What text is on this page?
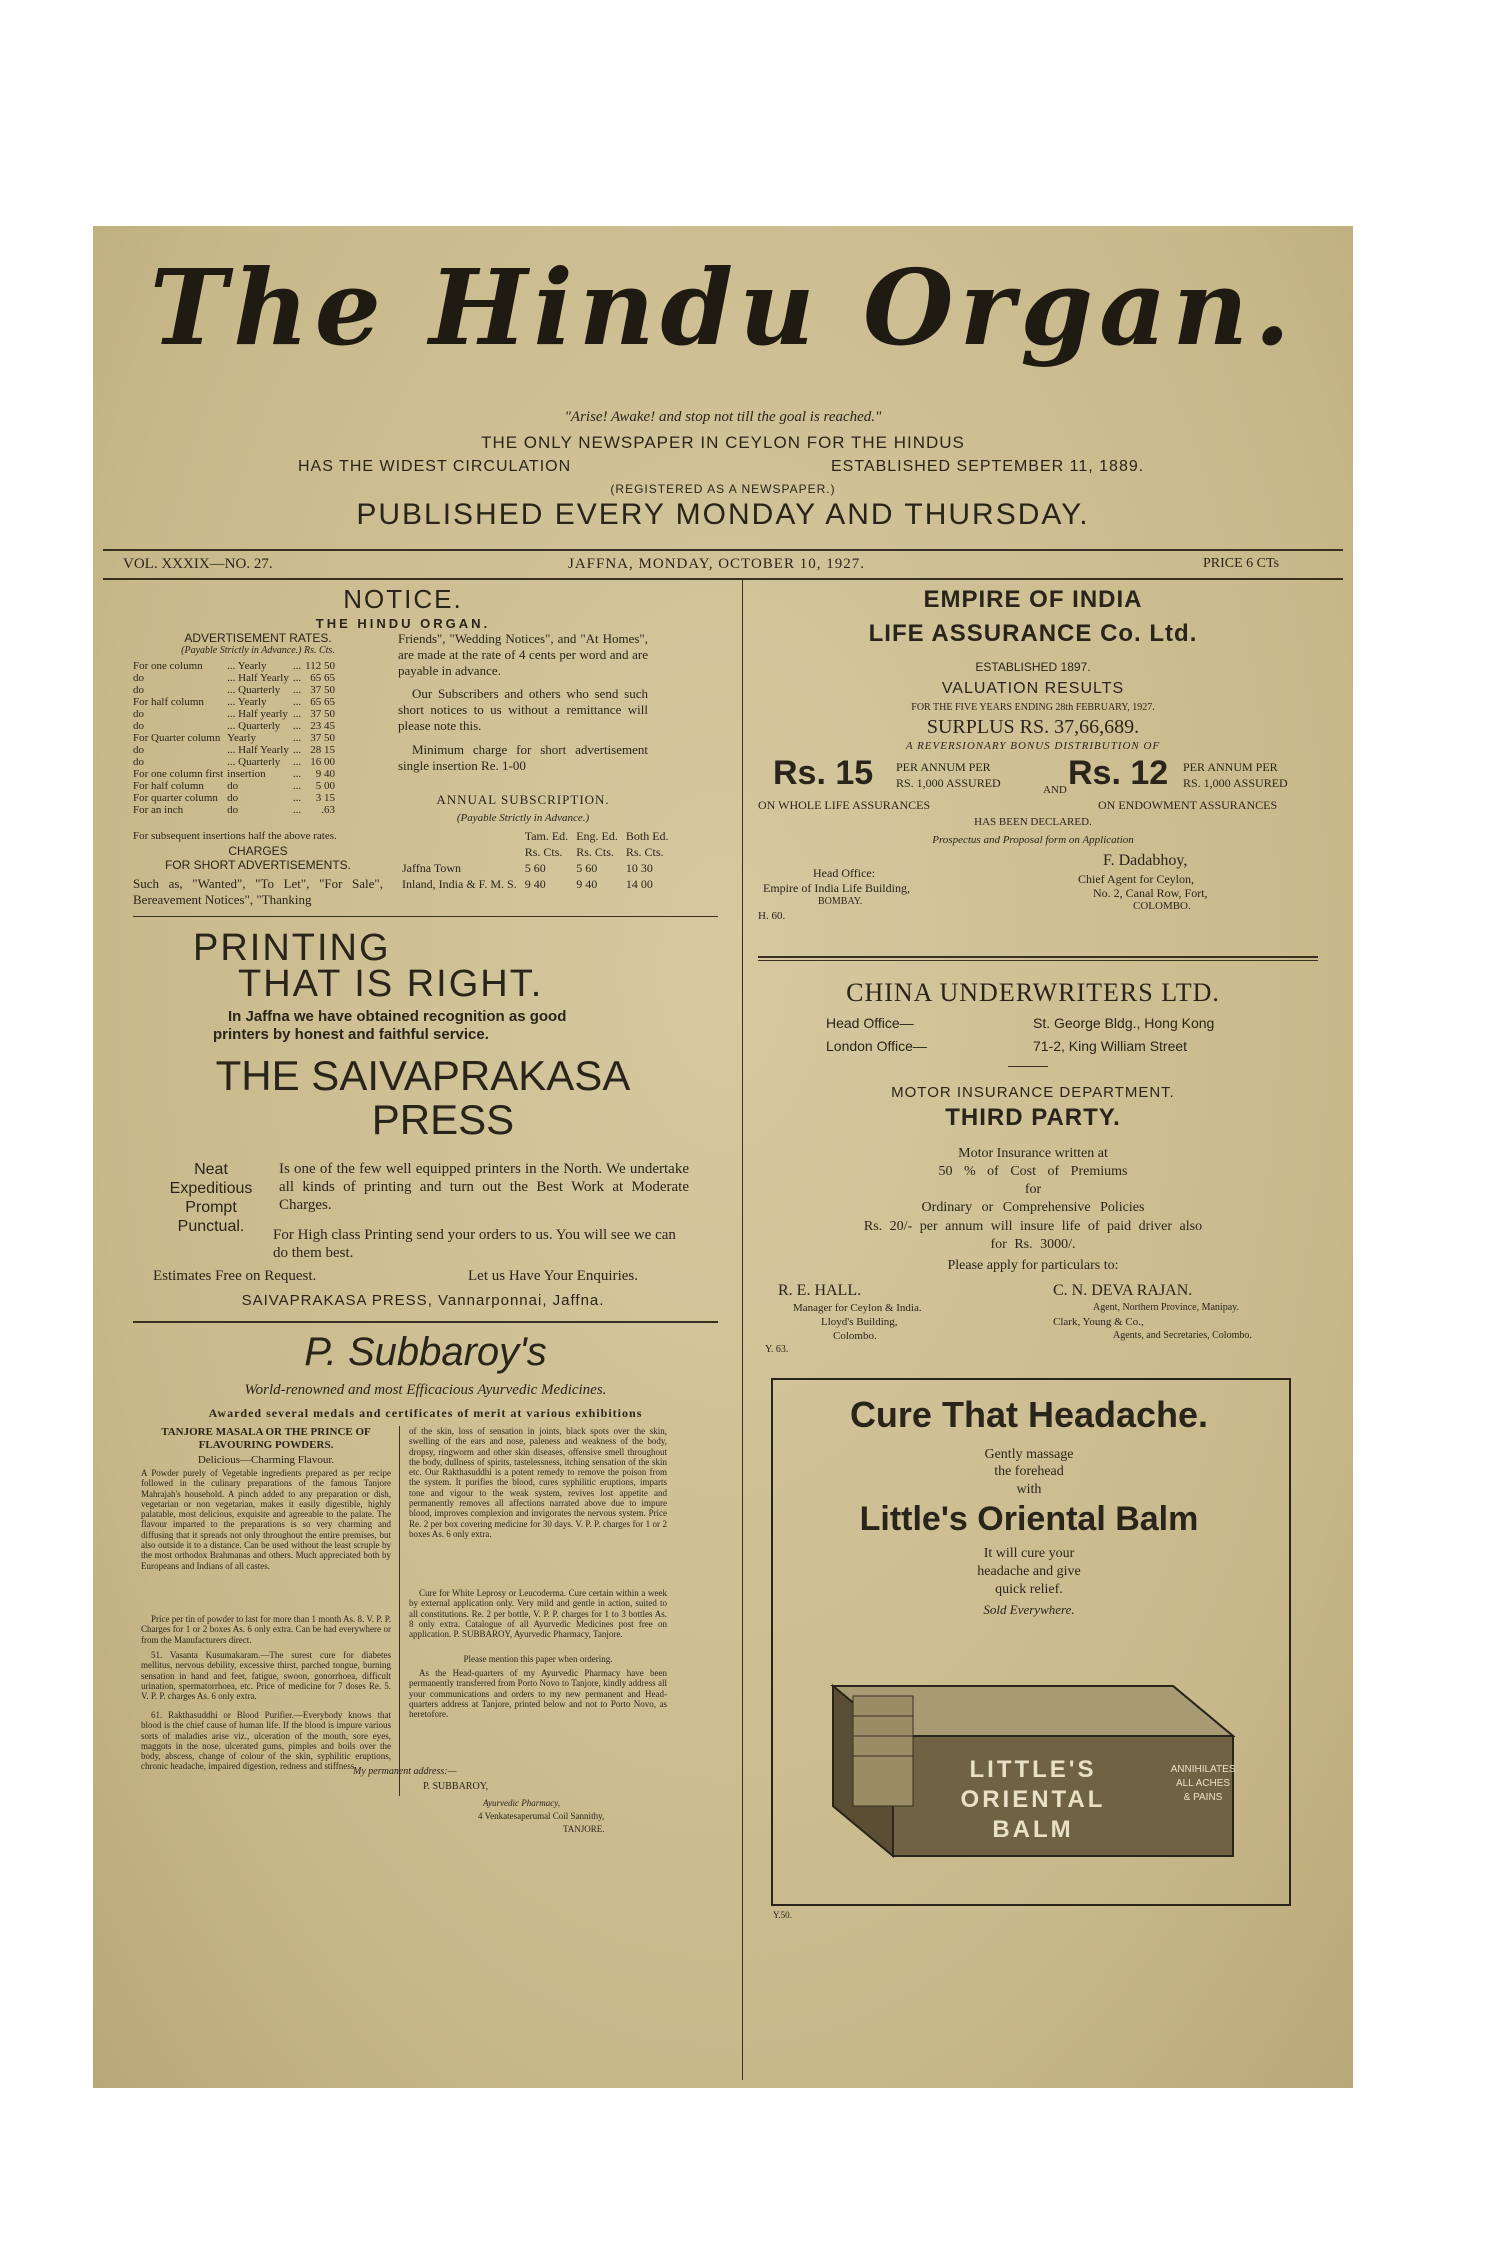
The Hindu Organ.
"Arise! Awake! and stop not till the goal is reached."
THE ONLY NEWSPAPER IN CEYLON FOR THE HINDUS
HAS THE WIDEST CIRCULATION	ESTABLISHED SEPTEMBER 11, 1889.
(REGISTERED AS A NEWSPAPER.)
PUBLISHED EVERY MONDAY AND THURSDAY.
VOL. XXXIX—NO. 27.	JAFFNA, MONDAY, OCTOBER 10, 1927.	PRICE 6 CTs
NOTICE.
THE HINDU ORGAN.
ADVERTISEMENT RATES.
(Payable Strictly in Advance.) Rs. Cts.
For one column	... Yearly	...	112 50
do	... Half Yearly	...	65 65
do	... Quarterly	...	37 50
For half column	... Yearly	...	65 65
do	... Half yearly	...	37 50
do	... Quarterly	...	23 45
For Quarter column	Yearly	...	37 50
do	... Half Yearly	...	28 15
do	... Quarterly	...	16 00
For one column first	insertion	...	9 40
For half column	do	...	5 00
For quarter column	do	...	3 15
For an inch	do	...	.63
For subsequent insertions half the above rates.
CHARGES
FOR SHORT ADVERTISEMENTS.
Such as, "Wanted", "To Let", "For Sale", Bereavement Notices", "Thanking
Friends", "Wedding Notices", and "At Homes", are made at the rate of 4 cents per word and are payable in advance.
Our Subscribers and others who send such short notices to us without a remittance will please note this.
Minimum charge for short advertisement single insertion Re. 1-00
ANNUAL SUBSCRIPTION.
(Payable Strictly in Advance.)
	Tam. Ed.	Eng. Ed.	Both Ed.
	Rs. Cts.	Rs. Cts.	Rs. Cts.
Jaffna Town	5 60	5 60	10 30
Inland, India & F. M. S.	9 40	9 40	14 00
PRINTING
THAT IS RIGHT.
In Jaffna we have obtained recognition as good
printers by honest and faithful service.
THE SAIVAPRAKASA
PRESS
Neat
Expeditious
Prompt
Punctual.
Is one of the few well equipped printers in the North. We undertake all kinds of printing and turn out the Best Work at Moderate Charges.
For High class Printing send your orders to us. You will see we can do them best.
Estimates Free on Request.	Let us Have Your Enquiries.
SAIVAPRAKASA PRESS, Vannarponnai, Jaffna.
P. Subbaroy's
World-renowned and most Efficacious Ayurvedic Medicines.
Awarded several medals and certificates of merit at various exhibitions
TANJORE MASALA OR THE PRINCE OF FLAVOURING POWDERS.
Delicious—Charming Flavour.
A Powder purely of Vegetable ingredients prepared as per recipe followed in the culinary preparations of the famous Tanjore Mahrajah's household. A pinch added to any preparation or dish, vegetarian or non vegetarian, makes it easily digestible, highly palatable, most delicious, exquisite and agreeable to the palate. The flavour imparted to the preparations is so very charming and diffusing that it spreads not only throughout the entire premises, but also outside it to a distance. Can be used without the least scruple by the most orthodox Brahmanas and others. Much appreciated both by Europeans and Indians of all castes.
Price per tin of powder to last for more than 1 month As. 8. V. P. P. Charges for 1 or 2 boxes As. 6 only extra. Can be had everywhere or from the Manufacturers direct.
51. Vasanta Kusumakaram.—The surest cure for diabetes mellitus, nervous debility, excessive thirst, parched tongue, burning sensation in hand and feet, fatigue, swoon, gonorrhoea, difficult urination, spermatorrhoea, etc. Price of medicine for 7 doses Re. 5. V. P. P. charges As. 6 only extra.
61. Rakthasuddhi or Blood Purifier.—Everybody knows that blood is the chief cause of human life. If the blood is impure various sorts of maladies arise viz., ulceration of the mouth, sore eyes, maggots in the nose, ulcerated gums, pimples and boils over the body, abscess, change of colour of the skin, syphilitic eruptions, chronic headache, impaired digestion, redness and stiffness
of the skin, loss of sensation in joints, black spots over the skin, swelling of the ears and nose, paleness and weakness of the body, dropsy, ringworm and other skin diseases, offensive smell throughout the body, dullness of spirits, tastelessness, itching sensation of the skin etc. Our Rakthasuddhi is a potent remedy to remove the poison from the system. It purifies the blood, cures syphilitic eruptions, imparts tone and vigour to the weak system, revives lost appetite and permanently removes all affections narrated above due to impure blood, improves complexion and invigorates the nervous system. Price Re. 2 per box covering medicine for 30 days. V. P. P. charges for 1 or 2 boxes As. 6 only extra.
Cure for White Leprosy or Leucoderma. Cure certain within a week by external application only. Very mild and gentle in action, suited to all constitutions. Re. 2 per bottle, V. P. P. charges for 1 to 3 bottles As. 8 only extra. Catalogue of all Ayurvedic Medicines post free on application. P. SUBBAROY, Ayurvedic Pharmacy, Tanjore.
Please mention this paper when ordering.
As the Head-quarters of my Ayurvedic Pharmacy have been permanently transferred from Porto Novo to Tanjore, kindly address all your communications and orders to my new permanent and Head-quarters address at Tanjore, printed below and not to Porto Novo, as heretofore.
My permanent address:—
P. SUBBAROY,
Ayurvedic Pharmacy,
4 Venkatesaperumal Coil Sannithy,
TANJORE.
EMPIRE OF INDIA
LIFE ASSURANCE Co. Ltd.
ESTABLISHED 1897.
VALUATION RESULTS
FOR THE FIVE YEARS ENDING 28th FEBRUARY, 1927.
SURPLUS RS. 37,66,689.
A REVERSIONARY BONUS DISTRIBUTION OF
Rs. 15 PER ANNUM PER
RS. 1,000 ASSURED	AND Rs. 12 PER ANNUM PER
RS. 1,000 ASSURED
ON WHOLE LIFE ASSURANCES	ON ENDOWMENT ASSURANCES
HAS BEEN DECLARED.
Prospectus and Proposal form on Application
Head Office:
Empire of India Life Building,
BOMBAY.
H. 60.
F. Dadabhoy,
Chief Agent for Ceylon,
No. 2, Canal Row, Fort,
COLOMBO.
CHINA UNDERWRITERS LTD.
Head Office—	St. George Bldg., Hong Kong
London Office—	71-2, King William Street
MOTOR INSURANCE DEPARTMENT.
THIRD PARTY.
Motor Insurance written at
50 % of Cost of Premiums
for
Ordinary or Comprehensive Policies
Rs. 20/- per annum will insure life of paid driver also for Rs. 3000/.
Please apply for particulars to:
R. E. HALL.
Manager for Ceylon & India.
Lloyd's Building,
Colombo.
Y. 63.
C. N. DEVA RAJAN.
Agent, Northern Province, Manipay.
Clark, Young & Co.,
Agents, and Secretaries, Colombo.
Cure That Headache.
Gently massage
the forehead
with
Little's Oriental Balm
It will cure your
headache and give
quick relief.
Sold Everywhere.
LITTLE'S
ORIENTAL
BALM
ANNIHILATES
ALL ACHES
& PAINS
Y.50.
